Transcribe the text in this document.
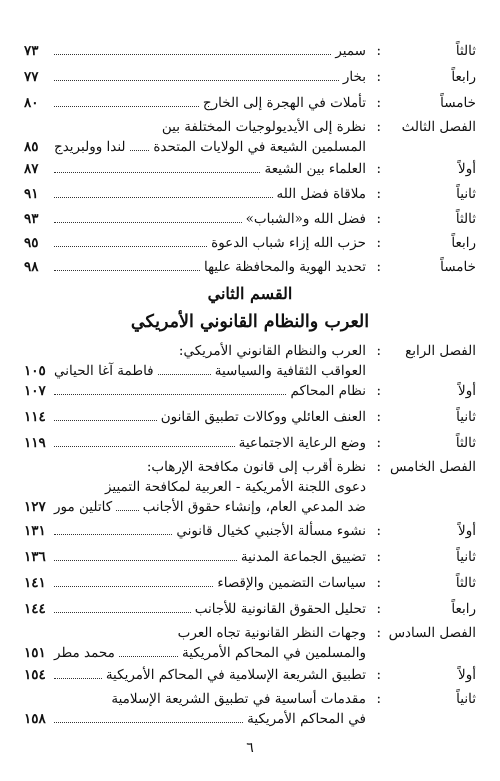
ثالثاً
:
سمير
٧٣
رابعاً
:
بخار
٧٧
خامساً
:
تأملات في الهجرة إلى الخارج
٨٠
الفصل الثالث
:
نظرة إلى الأيديولوجيات المختلفة بين
المسلمين الشيعة في الولايات المتحدة
لندا وولبريدج
٨٥
أولاً
:
العلماء بين الشيعة
٨٧
ثانياً
:
ملاقاة فضل الله
٩١
ثالثاً
:
فضل الله و«الشباب»
٩٣
رابعاً
:
حزب الله إزاء شباب الدعوة
٩٥
خامساً
:
تحديد الهوية والمحافظة عليها
٩٨
القسم الثاني
العرب والنظام القانوني الأمريكي
الفصل الرابع
:
العرب والنظام القانوني الأمريكي:
العواقب الثقافية والسياسية
فاطمة آغا الحياني
١٠٥
أولاً
:
نظام المحاكم
١٠٧
ثانياً
:
العنف العائلي ووكالات تطبيق القانون
١١٤
ثالثاً
:
وضع الرعاية الاجتماعية
١١٩
الفصل الخامس
:
نظرة أقرب إلى قانون مكافحة الإرهاب:
دعوى اللجنة الأمريكية - العربية لمكافحة التمييز
ضد المدعي العام، وإنشاء حقوق الأجانب
كاتلين مور
١٢٧
أولاً
:
نشوء مسألة الأجنبي كخيال قانوني
١٣١
ثانياً
:
تضييق الجماعة المدنية
١٣٦
ثالثاً
:
سياسات التضمين والإقصاء
١٤١
رابعاً
:
تحليل الحقوق القانونية للأجانب
١٤٤
الفصل السادس
:
وجهات النظر القانونية تجاه العرب
والمسلمين في المحاكم الأمريكية
محمد مطر
١٥١
أولاً
:
تطبيق الشريعة الإسلامية في المحاكم الأمريكية
١٥٤
ثانياً
:
مقدمات أساسية في تطبيق الشريعة الإسلامية
في المحاكم الأمريكية
١٥٨
٦
